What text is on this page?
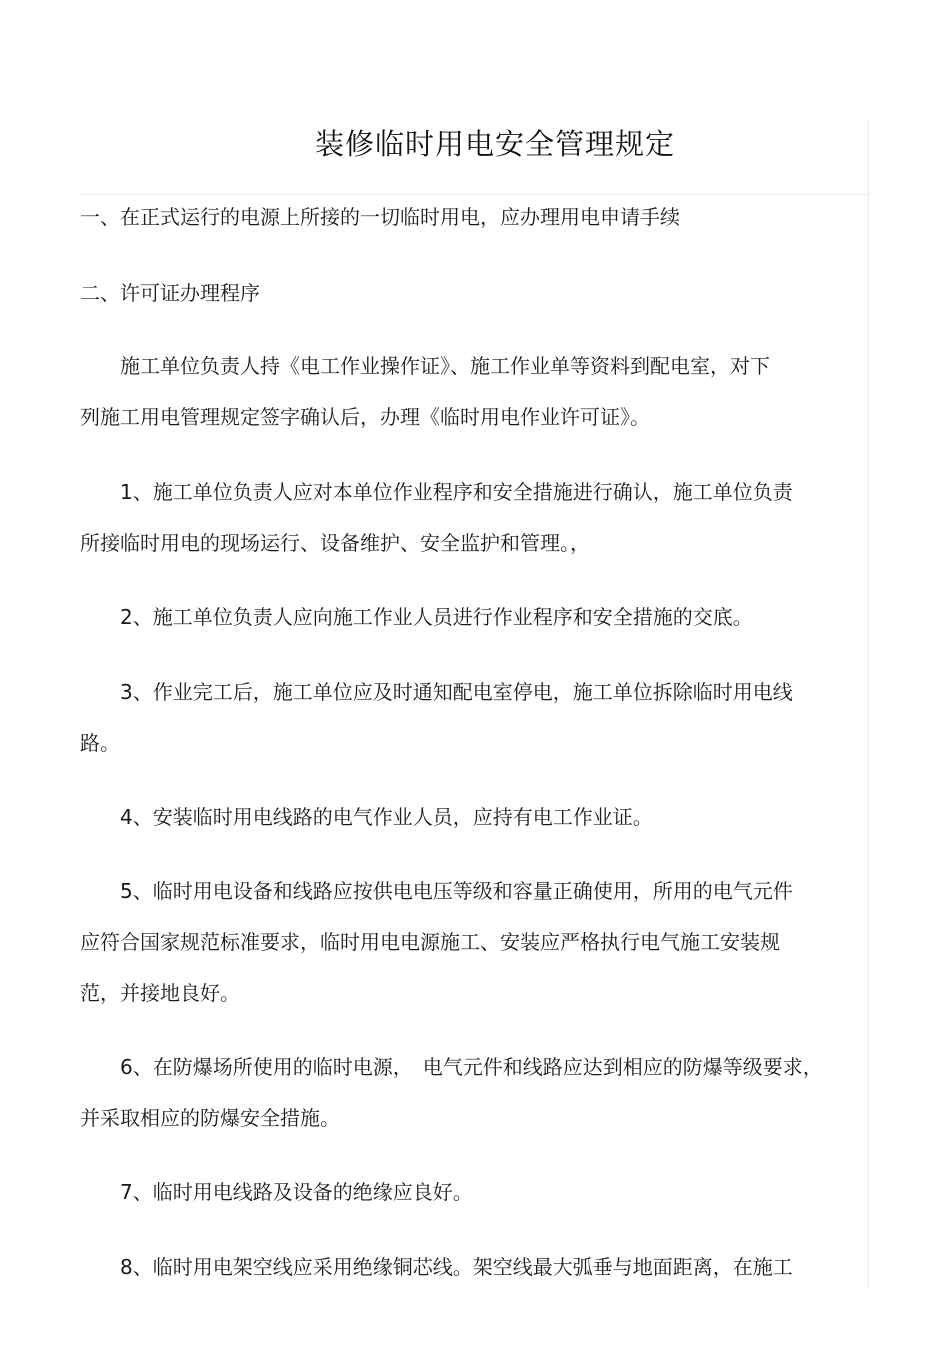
装修临时用电安全管理规定
一、在正式运行的电源上所接的一切临时用电，应办理用电申请手续
二、许可证办理程序
施工单位负责人持《电工作业操作证》、施工作业单等资料到配电室，对下
列施工用电管理规定签字确认后，办理《临时用电作业许可证》。
1、施工单位负责人应对本单位作业程序和安全措施进行确认，施工单位负责
所接临时用电的现场运行、设备维护、安全监护和管理。，
2、施工单位负责人应向施工作业人员进行作业程序和安全措施的交底。
3、作业完工后，施工单位应及时通知配电室停电，施工单位拆除临时用电线
路。
4、安装临时用电线路的电气作业人员，应持有电工作业证。
5、临时用电设备和线路应按供电电压等级和容量正确使用，所用的电气元件
应符合国家规范标准要求，临时用电电源施工、安装应严格执行电气施工安装规
范，并接地良好。
6、在防爆场所使用的临时电源，　电气元件和线路应达到相应的防爆等级要求，
并采取相应的防爆安全措施。
7、临时用电线路及设备的绝缘应良好。
8、临时用电架空线应采用绝缘铜芯线。架空线最大弧垂与地面距离，在施工
